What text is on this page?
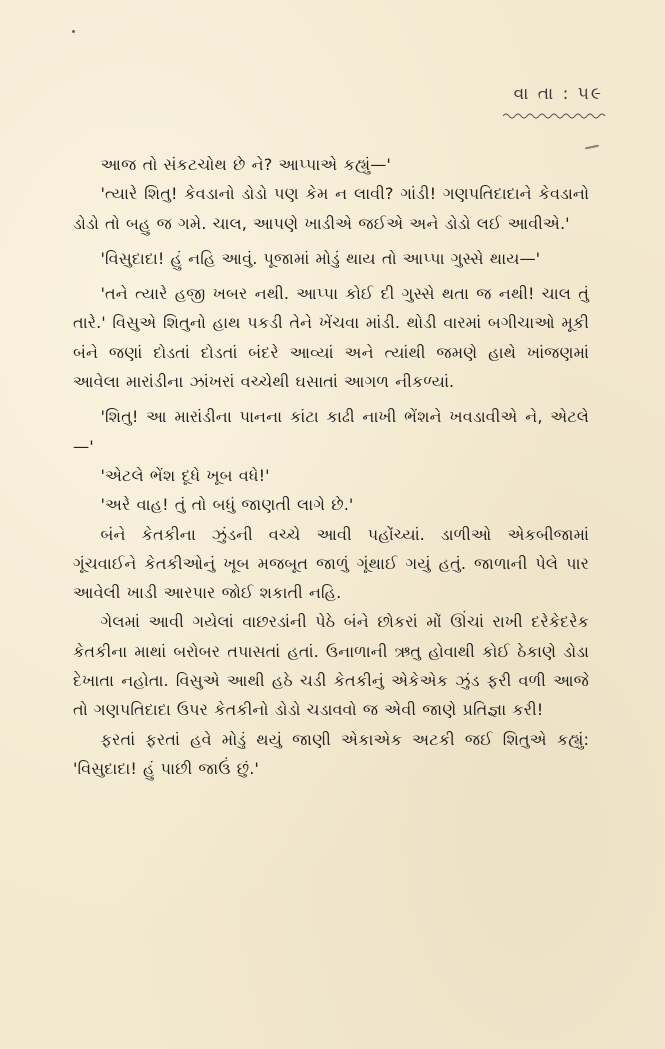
વા તા : ૫૯

આજ તો સંકટચોથ છે ને? આપ્પાએ કહ્યું—'

'ત્યારે શિતુ! કેવડાનો ડોડો પણ કેમ ન લાવી? ગાંડી! ગણપતિદાદાને કેવડાનો ડોડો તો બહુ જ ગમે. ચાલ, આપણે ખાડીએ જઈએ અને ડોડો લઈ આવીએ.'

'વિસુદાદા! હું નહિ આવું. પૂજામાં મોડું થાય તો આપ્પા ગુસ્સે થાય—'

'તને ત્યારે હજી ખબર નથી. આપ્પા કોઈ દી ગુસ્સે થતા જ નથી! ચાલ તું તારે.' વિસુએ શિતુનો હાથ પકડી તેને ખેંચવા માંડી. થોડી વારમાં બગીચાઓ મૂકી બંને જણાં દોડતાં દોડતાં બંદરે આવ્યાં અને ત્યાંથી જમણે હાથે ખાંજણમાં આવેલા મારાંડીના ઝાંખરાં વચ્ચેથી ઘસાતાં આગળ નીકળ્યાં.

'શિતુ! આ મારાંડીના પાનના કાંટા કાઢી નાખી ભેંશને ખવડાવીએ ને, એટલે—'

'એટલે ભેંશ દૂધે ખૂબ વધે!'

'અરે વાહ! તું તો બધું જાણતી લાગે છે.'

બંને કેતકીના ઝુંડની વચ્ચે આવી પહોંચ્યાં. ડાળીઓ એકબીજામાં ગૂંચવાઈને કેતકીઓનું ખૂબ મજબૂત જાળું ગૂંથાઈ ગયું હતું. જાળાની પેલે પાર આવેલી ખાડી આરપાર જોઈ શકાતી નહિ.

ગેલમાં આવી ગયેલાં વાછરડાંની પેઠે બંને છોકરાં મોં ઊંચાં રાખી દરેકેદરેક કેતકીના માથાં બરોબર તપાસતાં હતાં. ઉનાળાની ઋતુ હોવાથી કોઈ ઠેકાણે ડોડા દેખાતા નહોતા. વિસુએ આથી હઠે ચડી કેતકીનું એકેએક ઝુંડ ફરી વળી આજે તો ગણપતિદાદા ઉપર કેતકીનો ડોડો ચડાવવો જ એવી જાણે પ્રતિજ્ઞા કરી!

ફરતાં ફરતાં હવે મોડું થયું જાણી એકાએક અટકી જઈ શિતુએ કહ્યું: 'વિસુદાદા! હું પાછી જાઉં છું.'
